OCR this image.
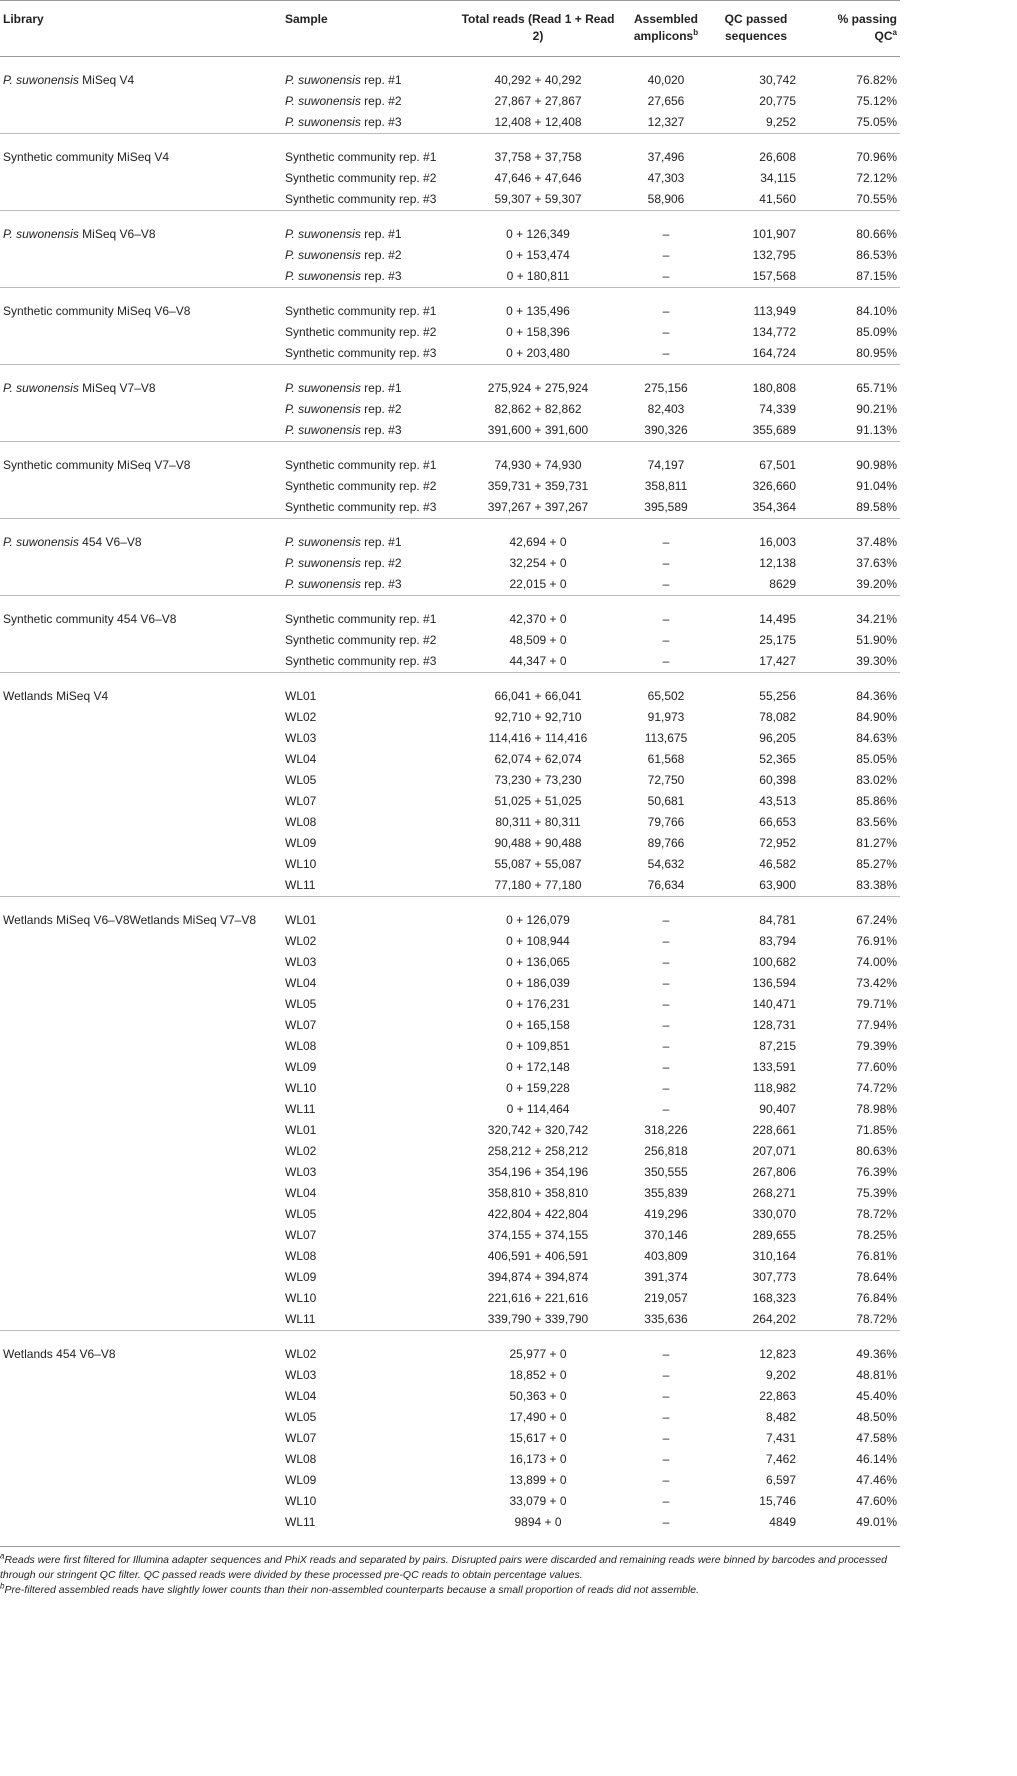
Library	Sample	Total reads (Read 1 + Read 2)	Assembled amplicons$^b$	QC passed sequences	% passing $QC^a$

P. suwonensis MiSeq V4	P. suwonensis rep. #1	40,292 + 40,292	40,020	30,742	76.82%
	P. suwonensis rep. #2	27,867 + 27,867	27,656	20,775	75.12%
	P. suwonensis rep. #3	12,408 + 12,408	12,327	9,252	75.05%

Synthetic community MiSeq V4	Synthetic community rep. #1	37,758 + 37,758	37,496	26,608	70.96%
	Synthetic community rep. #2	47,646 + 47,646	47,303	34,115	72.12%
	Synthetic community rep. #3	59,307 + 59,307	58,906	41,560	70.55%

P. suwonensis MiSeq V6–V8	P. suwonensis rep. #1	0 + 126,349	–	101,907	80.66%
	P. suwonensis rep. #2	0 + 153,474	–	132,795	86.53%
	P. suwonensis rep. #3	0 + 180,811	–	157,568	87.15%

Synthetic community MiSeq V6–V8	Synthetic community rep. #1	0 + 135,496	–	113,949	84.10%
	Synthetic community rep. #2	0 + 158,396	–	134,772	85.09%
	Synthetic community rep. #3	0 + 203,480	–	164,724	80.95%

P. suwonensis MiSeq V7–V8	P. suwonensis rep. #1	275,924 + 275,924	275,156	180,808	65.71%
	P. suwonensis rep. #2	82,862 + 82,862	82,403	74,339	90.21%
	P. suwonensis rep. #3	391,600 + 391,600	390,326	355,689	91.13%

Synthetic community MiSeq V7–V8	Synthetic community rep. #1	74,930 + 74,930	74,197	67,501	90.98%
	Synthetic community rep. #2	359,731 + 359,731	358,811	326,660	91.04%
	Synthetic community rep. #3	397,267 + 397,267	395,589	354,364	89.58%

P. suwonensis 454 V6–V8	P. suwonensis rep. #1	42,694 + 0	–	16,003	37.48%
	P. suwonensis rep. #2	32,254 + 0	–	12,138	37.63%
	P. suwonensis rep. #3	22,015 + 0	–	8629	39.20%

Synthetic community 454 V6–V8	Synthetic community rep. #1	42,370 + 0	–	14,495	34.21%
	Synthetic community rep. #2	48,509 + 0	–	25,175	51.90%
	Synthetic community rep. #3	44,347 + 0	–	17,427	39.30%

Wetlands MiSeq V4	WL01	66,041 + 66,041	65,502	55,256	84.36%
	WL02	92,710 + 92,710	91,973	78,082	84.90%
	WL03	114,416 + 114,416	113,675	96,205	84.63%
	WL04	62,074 + 62,074	61,568	52,365	85.05%
	WL05	73,230 + 73,230	72,750	60,398	83.02%
	WL07	51,025 + 51,025	50,681	43,513	85.86%
	WL08	80,311 + 80,311	79,766	66,653	83.56%
	WL09	90,488 + 90,488	89,766	72,952	81.27%
	WL10	55,087 + 55,087	54,632	46,582	85.27%
	WL11	77,180 + 77,180	76,634	63,900	83.38%

Wetlands MiSeq V6–V8Wetlands MiSeq V7–V8	WL01	0 + 126,079	–	84,781	67.24%
	WL02	0 + 108,944	–	83,794	76.91%
	WL03	0 + 136,065	–	100,682	74.00%
	WL04	0 + 186,039	–	136,594	73.42%
	WL05	0 + 176,231	–	140,471	79.71%
	WL07	0 + 165,158	–	128,731	77.94%
	WL08	0 + 109,851	–	87,215	79.39%
	WL09	0 + 172,148	–	133,591	77.60%
	WL10	0 + 159,228	–	118,982	74.72%
	WL11	0 + 114,464	–	90,407	78.98%
	WL01	320,742 + 320,742	318,226	228,661	71.85%
	WL02	258,212 + 258,212	256,818	207,071	80.63%
	WL03	354,196 + 354,196	350,555	267,806	76.39%
	WL04	358,810 + 358,810	355,839	268,271	75.39%
	WL05	422,804 + 422,804	419,296	330,070	78.72%
	WL07	374,155 + 374,155	370,146	289,655	78.25%
	WL08	406,591 + 406,591	403,809	310,164	76.81%
	WL09	394,874 + 394,874	391,374	307,773	78.64%
	WL10	221,616 + 221,616	219,057	168,323	76.84%
	WL11	339,790 + 339,790	335,636	264,202	78.72%

Wetlands 454 V6–V8	WL02	25,977 + 0	–	12,823	49.36%
	WL03	18,852 + 0	–	9,202	48.81%
	WL04	50,363 + 0	–	22,863	45.40%
	WL05	17,490 + 0	–	8,482	48.50%
	WL07	15,617 + 0	–	7,431	47.58%
	WL08	16,173 + 0	–	7,462	46.14%
	WL09	13,899 + 0	–	6,597	47.46%
	WL10	33,079 + 0	–	15,746	47.60%
	WL11	9894 + 0	–	4849	49.01%

$^a$Reads were first filtered for Illumina adapter sequences and PhiX reads and separated by pairs. Disrupted pairs were discarded and remaining reads were binned by barcodes and processed through our stringent QC filter. QC passed reads were divided by these processed pre-QC reads to obtain percentage values.

$^b$Pre-filtered assembled reads have slightly lower counts than their non-assembled counterparts because a small proportion of reads did not assemble.
